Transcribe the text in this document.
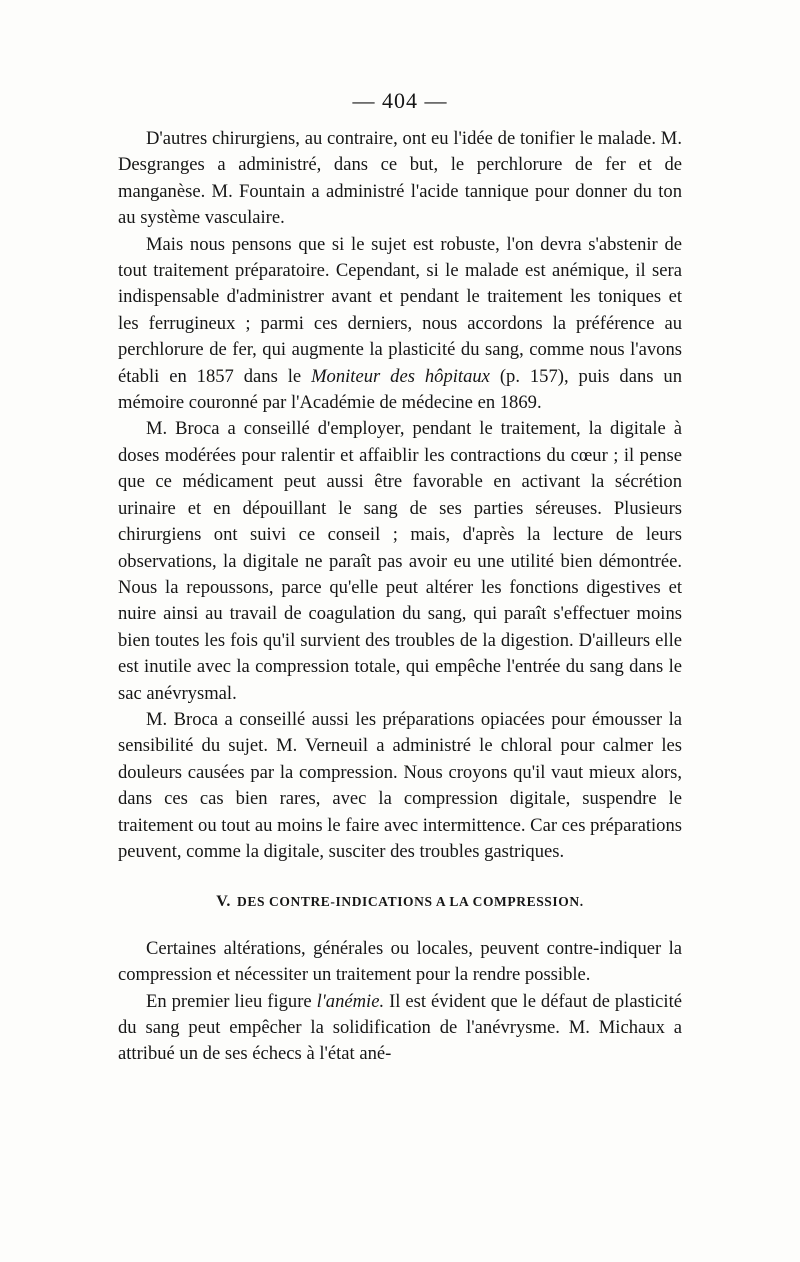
— 404 —

D'autres chirurgiens, au contraire, ont eu l'idée de tonifier le malade. M. Desgranges a administré, dans ce but, le perchlorure de fer et de manganèse. M. Fountain a administré l'acide tannique pour donner du ton au système vasculaire.

Mais nous pensons que si le sujet est robuste, l'on devra s'abstenir de tout traitement préparatoire. Cependant, si le malade est anémique, il sera indispensable d'administrer avant et pendant le traitement les toniques et les ferrugineux ; parmi ces derniers, nous accordons la préférence au perchlorure de fer, qui augmente la plasticité du sang, comme nous l'avons établi en 1857 dans le Moniteur des hôpitaux (p. 157), puis dans un mémoire couronné par l'Académie de médecine en 1869.

M. Broca a conseillé d'employer, pendant le traitement, la digitale à doses modérées pour ralentir et affaiblir les contractions du cœur ; il pense que ce médicament peut aussi être favorable en activant la sécrétion urinaire et en dépouillant le sang de ses parties séreuses. Plusieurs chirurgiens ont suivi ce conseil ; mais, d'après la lecture de leurs observations, la digitale ne paraît pas avoir eu une utilité bien démontrée. Nous la repoussons, parce qu'elle peut altérer les fonctions digestives et nuire ainsi au travail de coagulation du sang, qui paraît s'effectuer moins bien toutes les fois qu'il survient des troubles de la digestion. D'ailleurs elle est inutile avec la compression totale, qui empêche l'entrée du sang dans le sac anévrysmal.

M. Broca a conseillé aussi les préparations opiacées pour émousser la sensibilité du sujet. M. Verneuil a administré le chloral pour calmer les douleurs causées par la compression. Nous croyons qu'il vaut mieux alors, dans ces cas bien rares, avec la compression digitale, suspendre le traitement ou tout au moins le faire avec intermittence. Car ces préparations peuvent, comme la digitale, susciter des troubles gastriques.

V. DES CONTRE-INDICATIONS A LA COMPRESSION.

Certaines altérations, générales ou locales, peuvent contre-indiquer la compression et nécessiter un traitement pour la rendre possible.

En premier lieu figure l'anémie. Il est évident que le défaut de plasticité du sang peut empêcher la solidification de l'anévrysme. M. Michaux a attribué un de ses échecs à l'état ané-
